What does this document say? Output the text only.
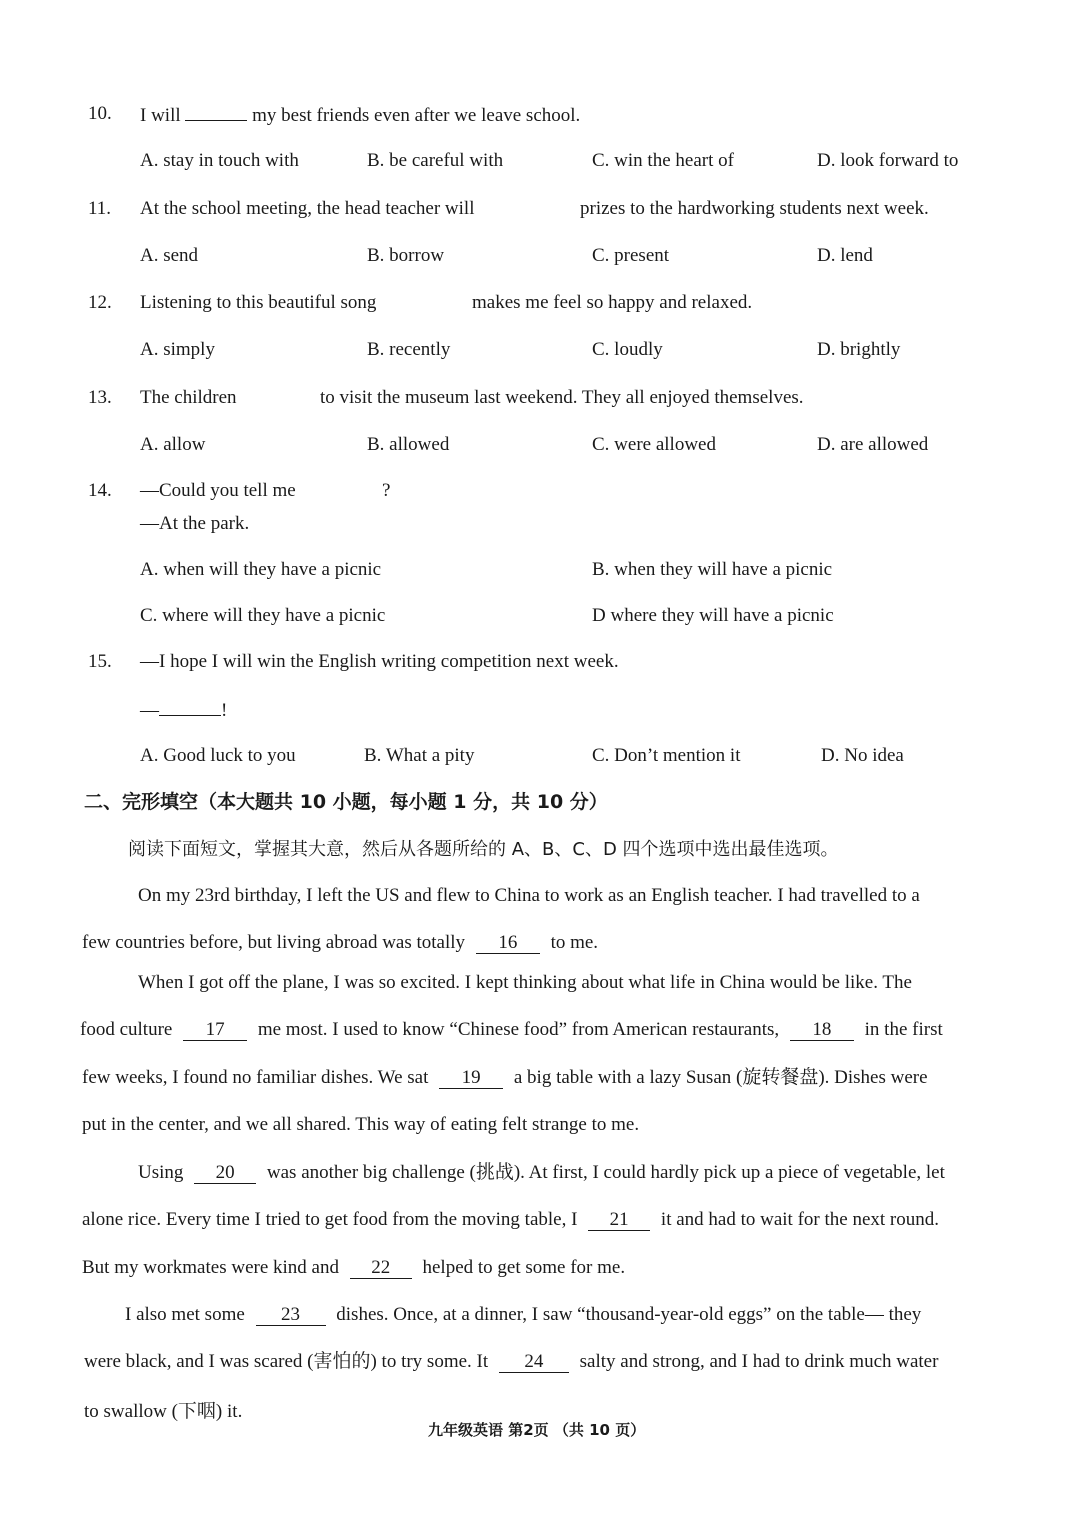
10. I will	my best friends even after we leave school.
A. stay in touch with	B. be careful with	C. win the heart of	D. look forward to
11. At the school meeting, the head teacher will	prizes to the hardworking students next week.
A. send	B. borrow	C. present	D. lend
12. Listening to this beautiful song	makes me feel so happy and relaxed.
A. simply	B. recently	C. loudly	D. brightly
13. The children	to visit the museum last weekend. They all enjoyed themselves.
A. allow	B. allowed	C. were allowed	D. are allowed
14. —Could you tell me	?
—At the park.
A. when will they have a picnic	B. when they will have a picnic
C. where will they have a picnic	D where they will have a picnic
15. —I hope I will win the English writing competition next week.
—	!
A. Good luck to you	B. What a pity	C. Don’t mention it	D. No idea
二、完形填空（本大题共 10 小题，每小题 1 分，共 10 分）
阅读下面短文，掌握其大意，然后从各题所给的 A、B、C、D 四个选项中选出最佳选项。
On my 23rd birthday, I left the US and flew to China to work as an English teacher. I had travelled to a
few countries before, but living abroad was totally 16 to me.
When I got off the plane, I was so excited. I kept thinking about what life in China would be like. The
food culture 17 me most. I used to know “Chinese food” from American restaurants, 18 in the first
few weeks, I found no familiar dishes. We sat 19 a big table with a lazy Susan (旋转餐盘). Dishes were
put in the center, and we all shared. This way of eating felt strange to me.
Using 20 was another big challenge (挑战). At first, I could hardly pick up a piece of vegetable, let
alone rice. Every time I tried to get food from the moving table, I 21 it and had to wait for the next round.
But my workmates were kind and 22 helped to get some for me.
I also met some 23 dishes. Once, at a dinner, I saw “thousand-year-old eggs” on the table— they
were black, and I was scared (害怕的) to try some. It 24 salty and strong, and I had to drink much water
to swallow (下咽) it.
九年级英语 第2页 （共 10 页）
